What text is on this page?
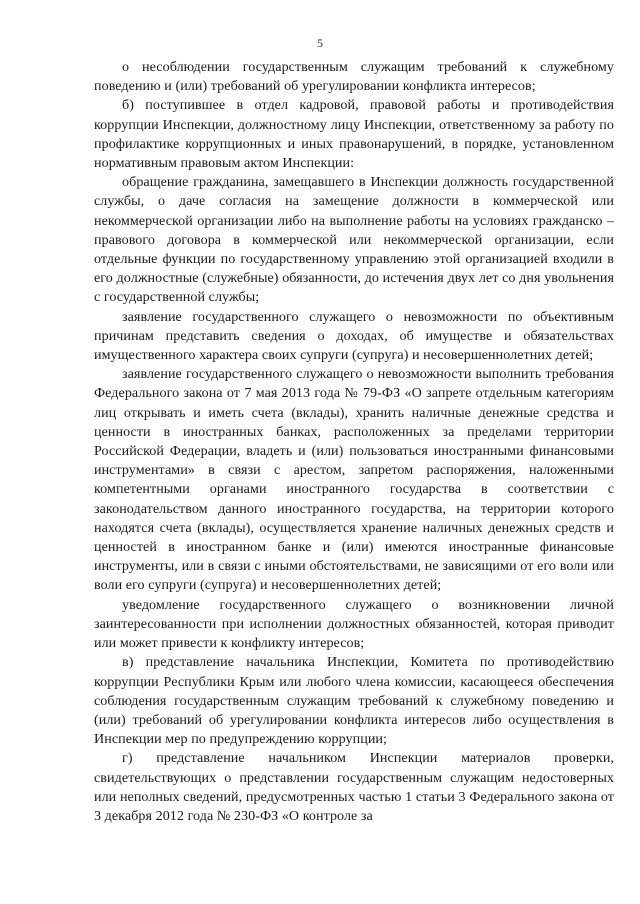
5

о несоблюдении государственным служащим требований к служебному поведению и (или) требований об урегулировании конфликта интересов;

б) поступившее в отдел кадровой, правовой работы и противодействия коррупции Инспекции, должностному лицу Инспекции, ответственному за работу по профилактике коррупционных и иных правонарушений, в порядке, установленном нормативным правовым актом Инспекции:

обращение гражданина, замещавшего в Инспекции должность государственной службы, о даче согласия на замещение должности в коммерческой или некоммерческой организации либо на выполнение работы на условиях гражданско – правового договора в коммерческой или некоммерческой организации, если отдельные функции по государственному управлению этой организацией входили в его должностные (служебные) обязанности, до истечения двух лет со дня увольнения с государственной службы;

заявление государственного служащего о невозможности по объективным причинам представить сведения о доходах, об имуществе и обязательствах имущественного характера своих супруги (супруга) и несовершеннолетних детей;

заявление государственного служащего о невозможности выполнить требования Федерального закона от 7 мая 2013 года № 79-ФЗ «О запрете отдельным категориям лиц открывать и иметь счета (вклады), хранить наличные денежные средства и ценности в иностранных банках, расположенных за пределами территории Российской Федерации, владеть и (или) пользоваться иностранными финансовыми инструментами» в связи с арестом, запретом распоряжения, наложенными компетентными органами иностранного государства в соответствии с законодательством данного иностранного государства, на территории которого находятся счета (вклады), осуществляется хранение наличных денежных средств и ценностей в иностранном банке и (или) имеются иностранные финансовые инструменты, или в связи с иными обстоятельствами, не зависящими от его воли или воли его супруги (супруга) и несовершеннолетних детей;

уведомление государственного служащего о возникновении личной заинтересованности при исполнении должностных обязанностей, которая приводит или может привести к конфликту интересов;

в) представление начальника Инспекции, Комитета по противодействию коррупции Республики Крым или любого члена комиссии, касающееся обеспечения соблюдения государственным служащим требований к служебному поведению и (или) требований об урегулировании конфликта интересов либо осуществления в Инспекции мер по предупреждению коррупции;

г) представление начальником Инспекции материалов проверки, свидетельствующих о представлении государственным служащим недостоверных или неполных сведений, предусмотренных частью 1 статьи 3 Федерального закона от 3 декабря 2012 года № 230-ФЗ «О контроле за
